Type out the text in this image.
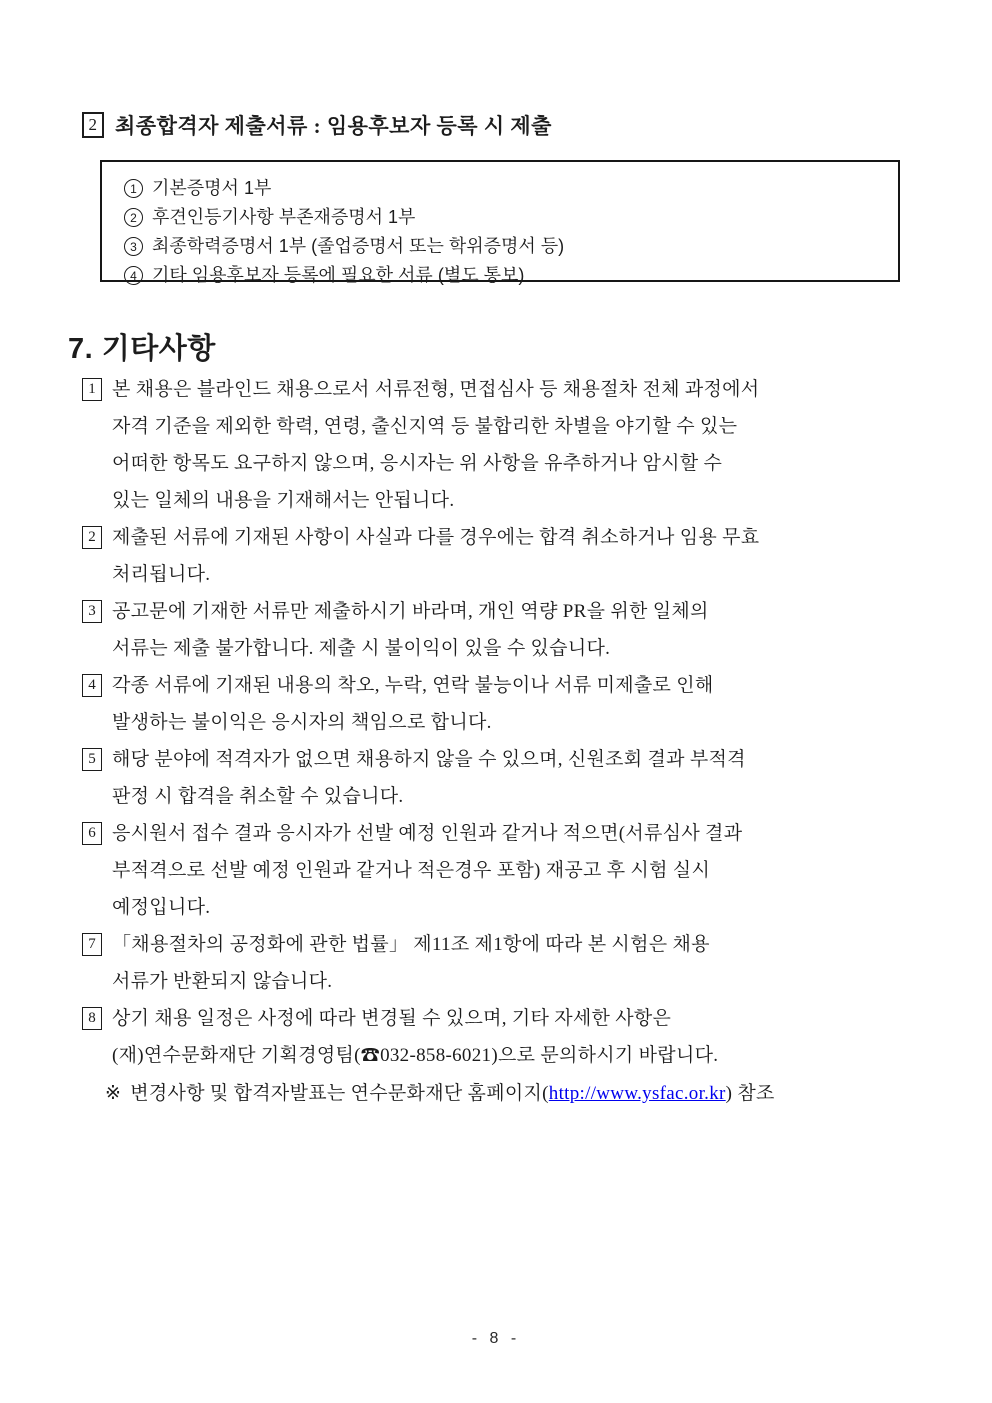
2 최종합격자 제출서류 : 임용후보자 등록 시 제출
1 기본증명서 1부
2 후견인등기사항 부존재증명서 1부
3 최종학력증명서 1부 (졸업증명서 또는 학위증명서 등)
4 기타 임용후보자 등록에 필요한 서류 (별도 통보)
7. 기타사항
1 본 채용은 블라인드 채용으로서 서류전형, 면접심사 등 채용절차 전체 과정에서
자격 기준을 제외한 학력, 연령, 출신지역 등 불합리한 차별을 야기할 수 있는
어떠한 항목도 요구하지 않으며, 응시자는 위 사항을 유추하거나 암시할 수
있는 일체의 내용을 기재해서는 안됩니다.
2 제출된 서류에 기재된 사항이 사실과 다를 경우에는 합격 취소하거나 임용 무효
처리됩니다.
3 공고문에 기재한 서류만 제출하시기 바라며, 개인 역량 PR을 위한 일체의
서류는 제출 불가합니다. 제출 시 불이익이 있을 수 있습니다.
4 각종 서류에 기재된 내용의 착오, 누락, 연락 불능이나 서류 미제출로 인해
발생하는 불이익은 응시자의 책임으로 합니다.
5 해당 분야에 적격자가 없으면 채용하지 않을 수 있으며, 신원조회 결과 부적격
판정 시 합격을 취소할 수 있습니다.
6 응시원서 접수 결과 응시자가 선발 예정 인원과 같거나 적으면(서류심사 결과
부적격으로 선발 예정 인원과 같거나 적은경우 포함) 재공고 후 시험 실시
예정입니다.
7 「채용절차의 공정화에 관한 법률」 제11조 제1항에 따라 본 시험은 채용
서류가 반환되지 않습니다.
8 상기 채용 일정은 사정에 따라 변경될 수 있으며, 기타 자세한 사항은
(재)연수문화재단 기획경영팀(☎032-858-6021)으로 문의하시기 바랍니다.
※ 변경사항 및 합격자발표는 연수문화재단 홈페이지(http://www.ysfac.or.kr) 참조
- 8 -
